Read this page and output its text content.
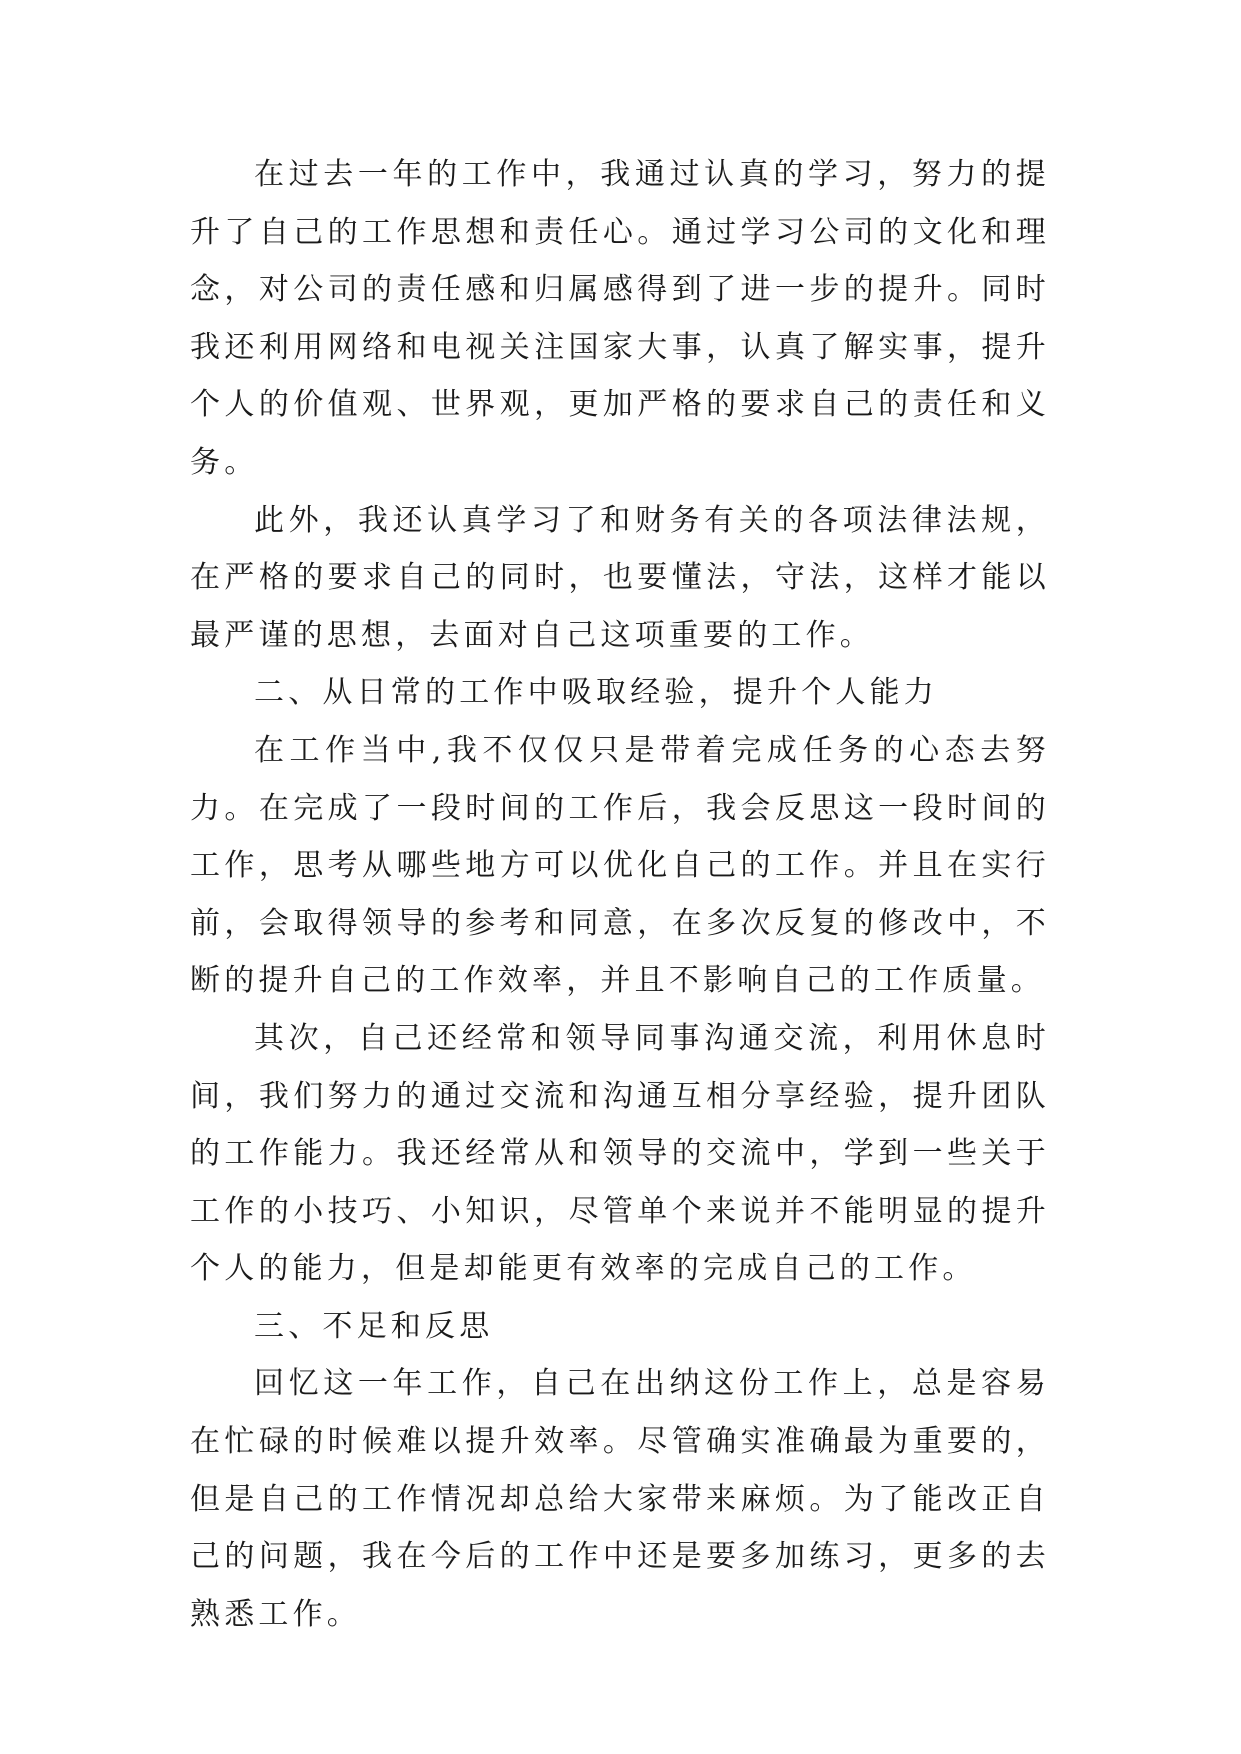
在过去一年的工作中，我通过认真的学习，努力的提升了自己的工作思想和责任心。通过学习公司的文化和理念，对公司的责任感和归属感得到了进一步的提升。同时我还利用网络和电视关注国家大事，认真了解实事，提升个人的价值观、世界观，更加严格的要求自己的责任和义务。

此外，我还认真学习了和财务有关的各项法律法规，在严格的要求自己的同时，也要懂法，守法，这样才能以最严谨的思想，去面对自己这项重要的工作。

二、从日常的工作中吸取经验，提升个人能力

在工作当中,我不仅仅只是带着完成任务的心态去努力。在完成了一段时间的工作后，我会反思这一段时间的工作，思考从哪些地方可以优化自己的工作。并且在实行前，会取得领导的参考和同意，在多次反复的修改中，不断的提升自己的工作效率，并且不影响自己的工作质量。

其次，自己还经常和领导同事沟通交流，利用休息时间，我们努力的通过交流和沟通互相分享经验，提升团队的工作能力。我还经常从和领导的交流中，学到一些关于工作的小技巧、小知识，尽管单个来说并不能明显的提升个人的能力，但是却能更有效率的完成自己的工作。

三、不足和反思

回忆这一年工作，自己在出纳这份工作上，总是容易在忙碌的时候难以提升效率。尽管确实准确最为重要的，但是自己的工作情况却总给大家带来麻烦。为了能改正自己的问题，我在今后的工作中还是要多加练习，更多的去熟悉工作。
